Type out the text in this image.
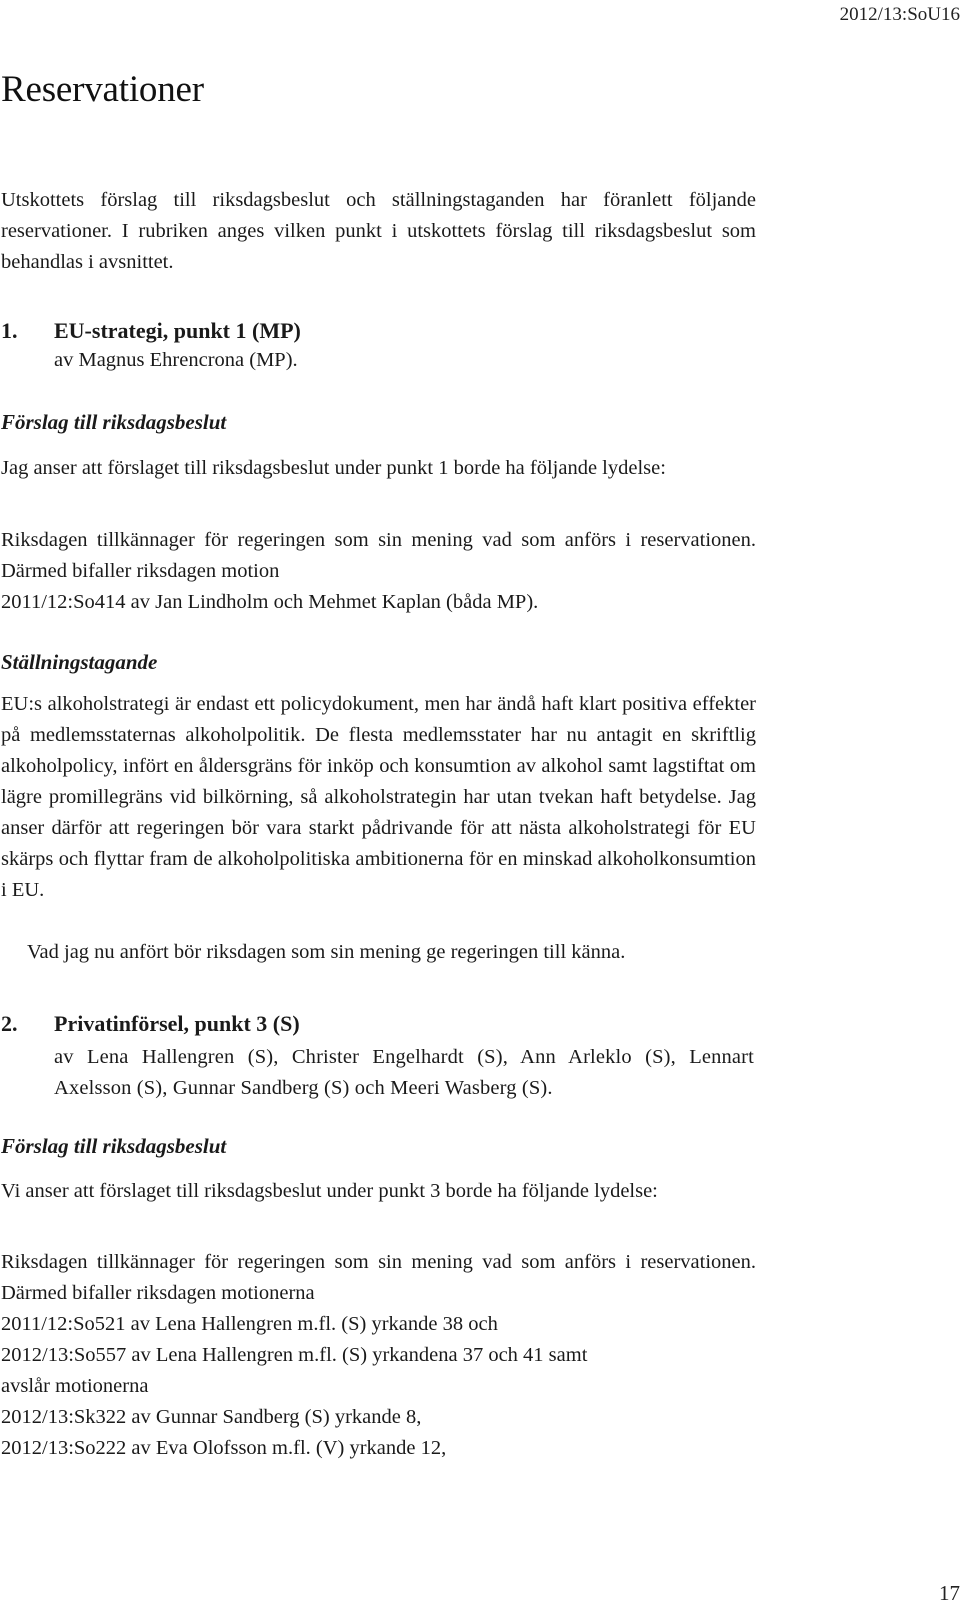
2012/13:SoU16
Reservationer

Utskottets förslag till riksdagsbeslut och ställningstaganden har föranlett följande reservationer. I rubriken anges vilken punkt i utskottets förslag till riksdagsbeslut som behandlas i avsnittet.

1. EU-strategi, punkt 1 (MP)

av Magnus Ehrencrona (MP).

Förslag till riksdagsbeslut

Jag anser att förslaget till riksdagsbeslut under punkt 1 borde ha följande lydelse:

Riksdagen tillkännager för regeringen som sin mening vad som anförs i reservationen. Därmed bifaller riksdagen motion
2011/12:So414 av Jan Lindholm och Mehmet Kaplan (båda MP).
Ställningstagande

EU:s alkoholstrategi är endast ett policydokument, men har ändå haft klart positiva effekter på medlemsstaternas alkoholpolitik. De flesta medlemsstater har nu antagit en skriftlig alkoholpolicy, infört en åldersgräns för inköp och konsumtion av alkohol samt lagstiftat om lägre promillegräns vid bilkörning, så alkoholstrategin har utan tvekan haft betydelse. Jag anser därför att regeringen bör vara starkt pådrivande för att nästa alkoholstrategi för EU skärps och flyttar fram de alkoholpolitiska ambitionerna för en minskad alkoholkonsumtion i EU.

Vad jag nu anfört bör riksdagen som sin mening ge regeringen till känna.

2. Privatinförsel, punkt 3 (S)

av Lena Hallengren (S), Christer Engelhardt (S), Ann Arleklo (S), Lennart Axelsson (S), Gunnar Sandberg (S) och Meeri Wasberg (S).

Förslag till riksdagsbeslut

Vi anser att förslaget till riksdagsbeslut under punkt 3 borde ha följande lydelse:

Riksdagen tillkännager för regeringen som sin mening vad som anförs i reservationen. Därmed bifaller riksdagen motionerna
2011/12:So521 av Lena Hallengren m.fl. (S) yrkande 38 och
2012/13:So557 av Lena Hallengren m.fl. (S) yrkandena 37 och 41 samt
avslår motionerna
2012/13:Sk322 av Gunnar Sandberg (S) yrkande 8,
2012/13:So222 av Eva Olofsson m.fl. (V) yrkande 12,
17
